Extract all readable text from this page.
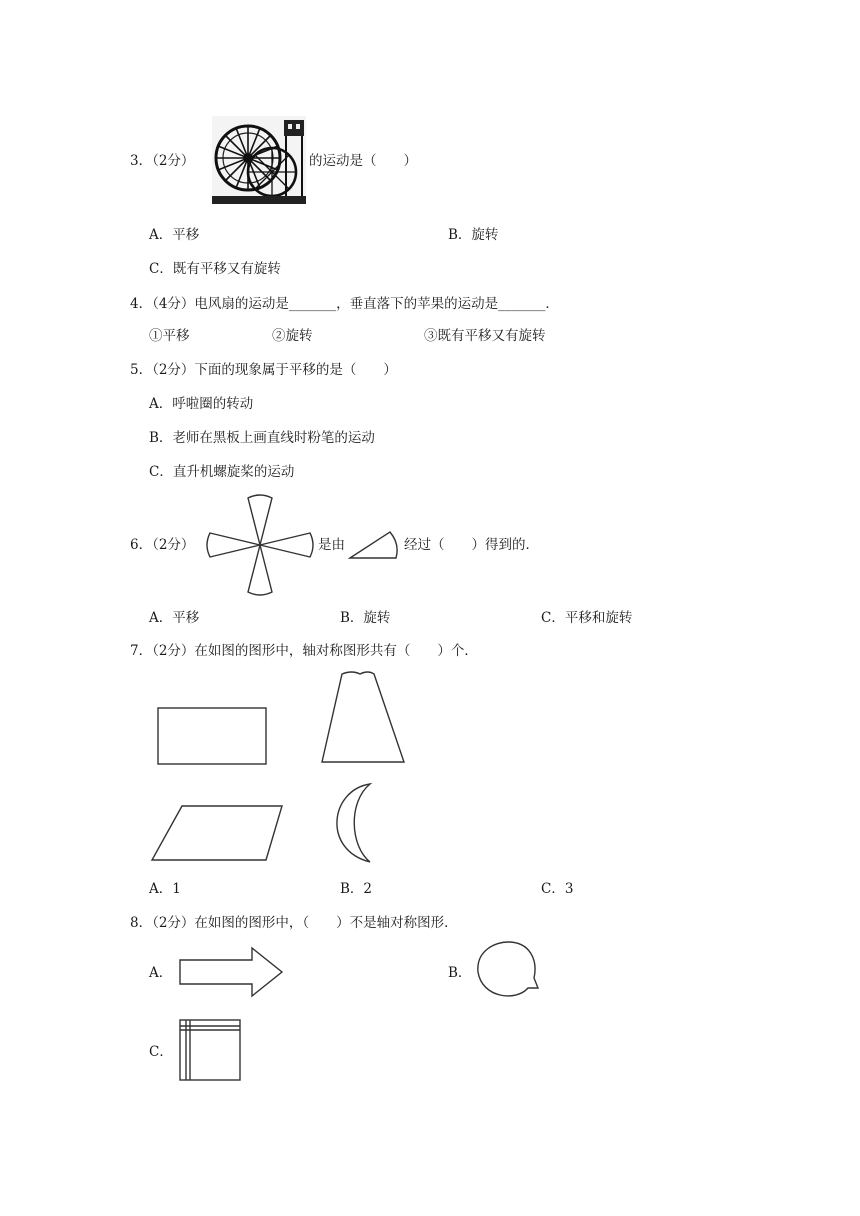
3．（2分）	的运动是（　　）
A．平移	B．旋转
C．既有平移又有旋转
4．（4分）电风扇的运动是_______，垂直落下的苹果的运动是_______．
①平移	②旋转	③既有平移又有旋转
5．（2分）下面的现象属于平移的是（　　）
A．呼啦圈的转动
B．老师在黑板上画直线时粉笔的运动
C．直升机螺旋桨的运动
6．（2分）	是由	经过（　　）得到的．
A．平移	B．旋转	C．平移和旋转
7．（2分）在如图的图形中，轴对称图形共有（　　）个．
A．1	B．2	C．3
8．（2分）在如图的图形中，（　　）不是轴对称图形．
A．	B．
C．
